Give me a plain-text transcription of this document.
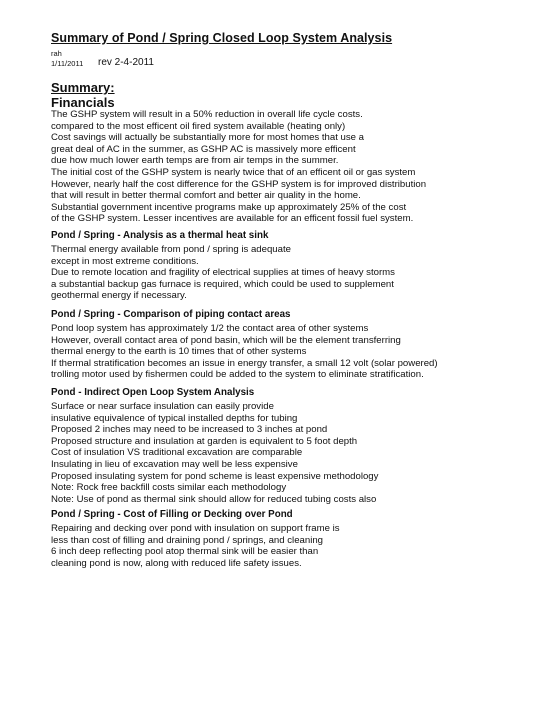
Summary of Pond / Spring Closed Loop System Analysis
rah
1/11/2011 rev 2-4-2011
Summary:
Financials
The GSHP system will result in a 50% reduction in overall life cycle costs.
compared to the most efficent oil fired system available (heating only)
Cost savings will actually be substantially more for most homes that use a
great deal of AC in the summer, as GSHP AC is massively more efficent
due how much lower earth temps are from air temps in the summer.
The initial cost of the GSHP system is nearly twice that of an efficent oil or gas system
However, nearly half the cost difference for the GSHP system is for improved distribution
that will result in better thermal comfort and better air quality in the home.
Substantial government incentive programs make up approximately 25% of the cost
of the GSHP system. Lesser incentives are available for an efficent fossil fuel system.
Pond / Spring - Analysis as a thermal heat sink
Thermal energy available from pond / spring is adequate
except in most extreme conditions.
Due to remote location and fragility of electrical supplies at times of heavy storms
a substantial backup gas furnace is required, which could be used to supplement
geothermal energy if necessary.
Pond / Spring - Comparison of piping contact areas
Pond loop system has approximately 1/2 the contact area of other systems
However, overall contact area of pond basin, which will be the element transferring
thermal energy to the earth is 10 times that of other systems
If thermal stratification becomes an issue in energy transfer, a small 12 volt (solar powered)
trolling motor used by fishermen could be added to the system to eliminate stratification.
Pond - Indirect Open Loop System Analysis
Surface or near surface insulation can easily provide
insulative equivalence of typical installed depths for tubing
Proposed 2 inches may need to be increased to 3 inches at pond
Proposed structure and insulation at garden is equivalent to 5 foot depth
Cost of insulation VS traditional excavation are comparable
Insulating in lieu of excavation may well be less expensive
Proposed insulating system for pond scheme is least expensive methodology
Note: Rock free backfill costs similar each methodology
Note: Use of pond as thermal sink should allow for reduced tubing costs also
Pond / Spring - Cost of Filling or Decking over Pond
Repairing and decking over pond with insulation on support frame is
less than cost of filling and draining pond / springs, and cleaning
6 inch deep reflecting pool atop thermal sink will be easier than
cleaning pond is now, along with reduced life safety issues.
